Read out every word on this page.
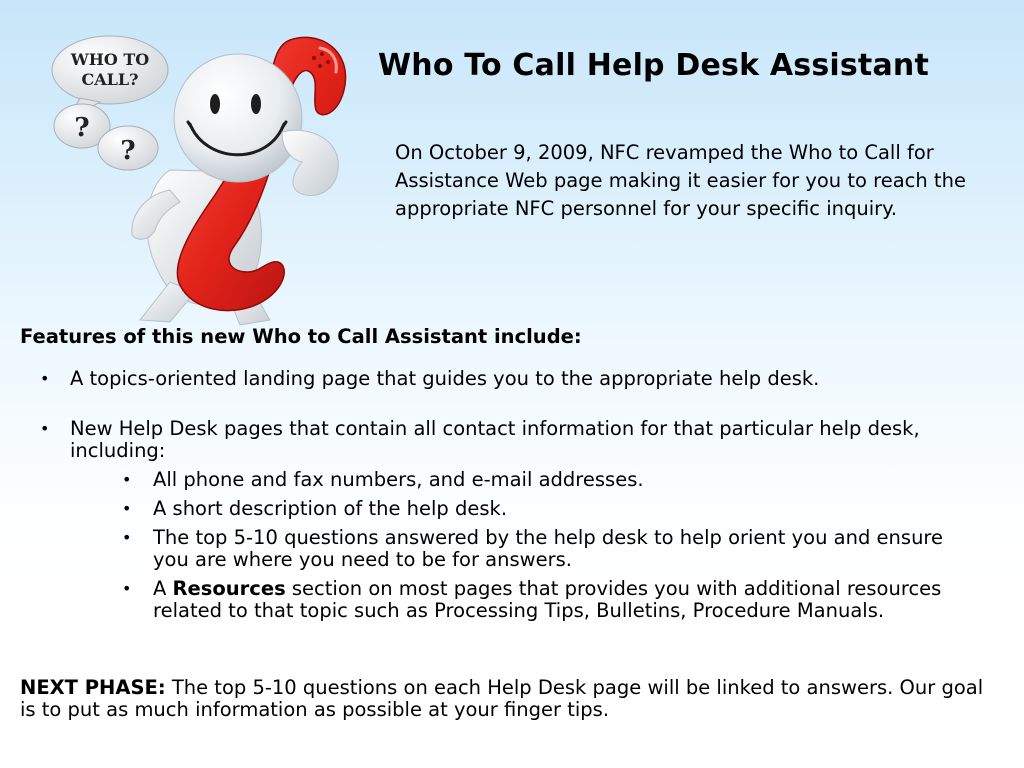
WHO TO
CALL?
?
?
Who To Call Help Desk Assistant

On October 9, 2009, NFC revamped the Who to Call for Assistance Web page making it easier for you to reach the appropriate NFC personnel for your specific inquiry.

Features of this new Who to Call Assistant include:
• A topics-oriented landing page that guides you to the appropriate help desk.
• New Help Desk pages that contain all contact information for that particular help desk, including:
• All phone and fax numbers, and e-mail addresses.
• A short description of the help desk.
• The top 5-10 questions answered by the help desk to help orient you and ensure you are where you need to be for answers.
• A Resources section on most pages that provides you with additional resources related to that topic such as Processing Tips, Bulletins, Procedure Manuals.

NEXT PHASE: The top 5-10 questions on each Help Desk page will be linked to answers. Our goal is to put as much information as possible at your finger tips.
